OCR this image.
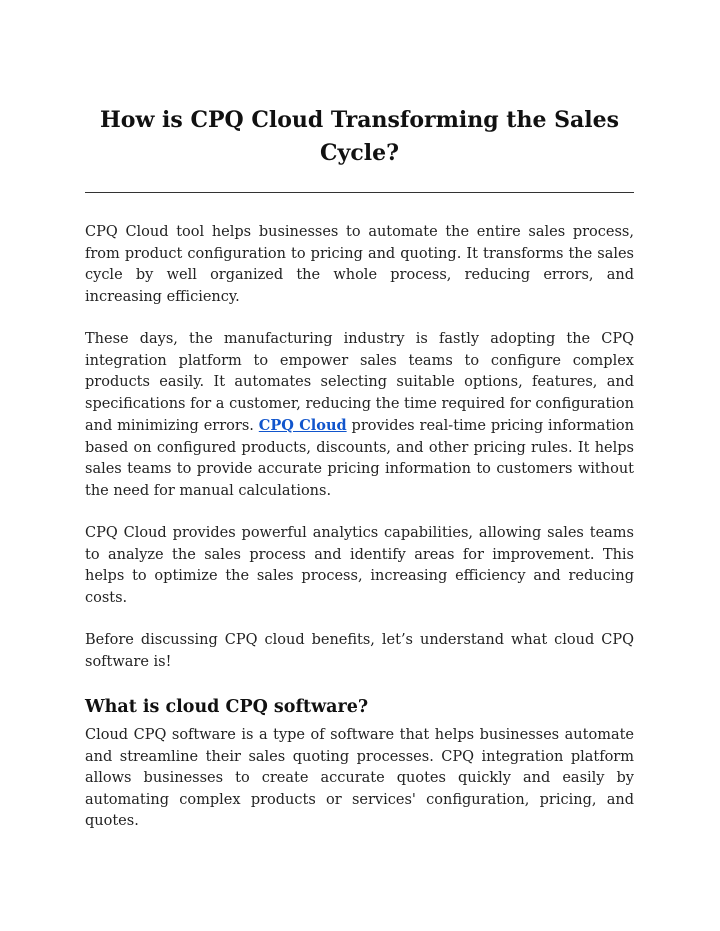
How is CPQ Cloud Transforming the Sales Cycle?

CPQ Cloud tool helps businesses to automate the entire sales process, from product configuration to pricing and quoting. It transforms the sales cycle by well organized the whole process, reducing errors, and increasing efficiency.

These days, the manufacturing industry is fastly adopting the CPQ integration platform to empower sales teams to configure complex products easily. It automates selecting suitable options, features, and specifications for a customer, reducing the time required for configuration and minimizing errors. CPQ Cloud provides real-time pricing information based on configured products, discounts, and other pricing rules. It helps sales teams to provide accurate pricing information to customers without the need for manual calculations.

CPQ Cloud provides powerful analytics capabilities, allowing sales teams to analyze the sales process and identify areas for improvement. This helps to optimize the sales process, increasing efficiency and reducing costs.

Before discussing CPQ cloud benefits, let’s understand what cloud CPQ software is!

What is cloud CPQ software?

Cloud CPQ software is a type of software that helps businesses automate and streamline their sales quoting processes. CPQ integration platform allows businesses to create accurate quotes quickly and easily by automating complex products or services' configuration, pricing, and quotes.
